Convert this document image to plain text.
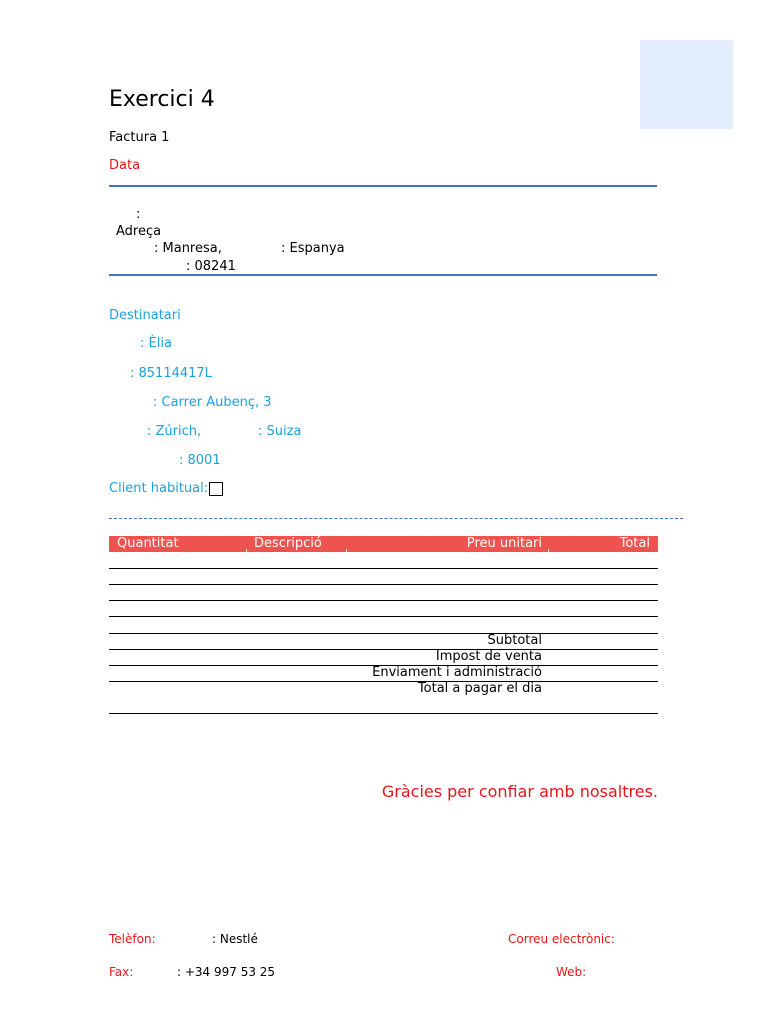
Exercici 4
Factura 1
Data
:
Adreça
: Manresa,	: Espanya
: 08241
Destinatari
: Èlia
: 85114417L
: Carrer Aubenç, 3
: Zúrich,	: Suiza
: 8001
Client habitual:
Quantitat	Descripció	Preu unitari	Total
Subtotal
Impost de venta
Enviament i administració
Total a pagar el dia
Gràcies per confiar amb nosaltres.
Telèfon:	: Nestlé	Correu electrònic:
Fax:	: +34 997 53 25	Web:
